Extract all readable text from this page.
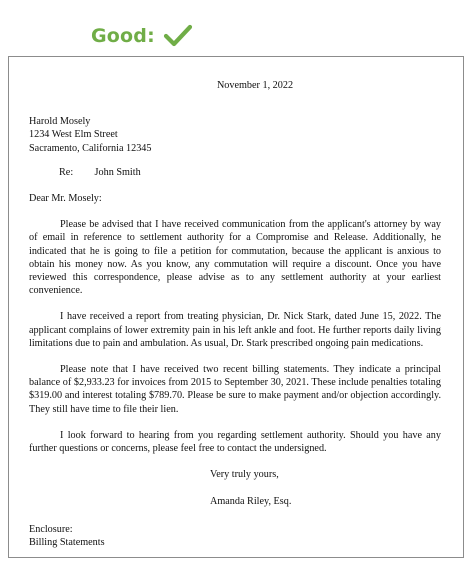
Good:
November 1, 2022
Harold Mosely
1234 West Elm Street
Sacramento, California 12345
Re: John Smith
Dear Mr. Mosely:

Please be advised that I have received communication from the applicant's attorney by way of email in reference to settlement authority for a Compromise and Release. Additionally, he indicated that he is going to file a petition for commutation, because the applicant is anxious to obtain his money now. As you know, any commutation will require a discount. Once you have reviewed this correspondence, please advise as to any settlement authority at your earliest convenience.

I have received a report from treating physician, Dr. Nick Stark, dated June 15, 2022. The applicant complains of lower extremity pain in his left ankle and foot. He further reports daily living limitations due to pain and ambulation. As usual, Dr. Stark prescribed ongoing pain medications.

Please note that I have received two recent billing statements. They indicate a principal balance of $2,933.23 for invoices from 2015 to September 30, 2021. These include penalties totaling $319.00 and interest totaling $789.70. Please be sure to make payment and/or objection accordingly. They still have time to file their lien.

I look forward to hearing from you regarding settlement authority. Should you have any further questions or concerns, please feel free to contact the undersigned.

Very truly yours,
Amanda Riley, Esq.
Enclosure:
Billing Statements
